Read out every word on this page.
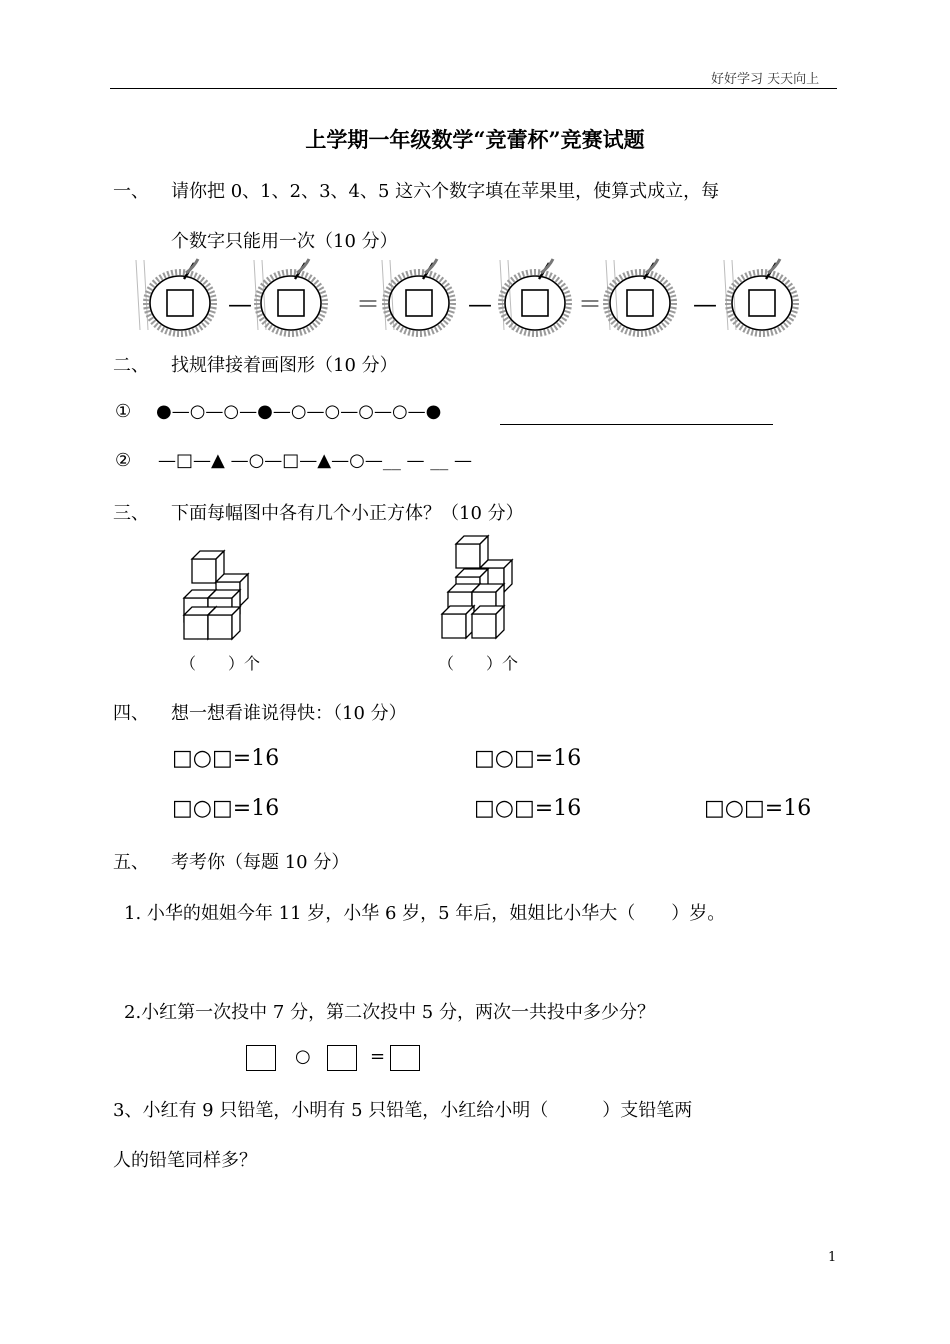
好好学习 天天向上
上学期一年级数学“竞蕾杯”竞赛试题
一、 请你把 0、1、2、3、4、5 这六个数字填在苹果里，使算式成立，每
个数字只能用一次（10 分）
—	＝	—	＝	—
二、 找规律接着画图形（10 分）
① ●—○—○—●—○—○—○—○—●
② —□—▲ —○—□—▲—○—__ — __ —
三、 下面每幅图中各有几个小正方体？（10 分）
（　　）个	（　　）个
四、 想一想看谁说得快：（10 分）
□○□=16	□○□=16
□○□=16	□○□=16	□○□=16
五、 考考你（每题 10 分）
1. 小华的姐姐今年 11 岁，小华 6 岁，5 年后，姐姐比小华大（　　）岁。
2.小红第一次投中 7 分，第二次投中 5 分，两次一共投中多少分？
○	=
3、小红有 9 只铅笔，小明有 5 只铅笔，小红给小明（　　　）支铅笔两
人的铅笔同样多？
1
